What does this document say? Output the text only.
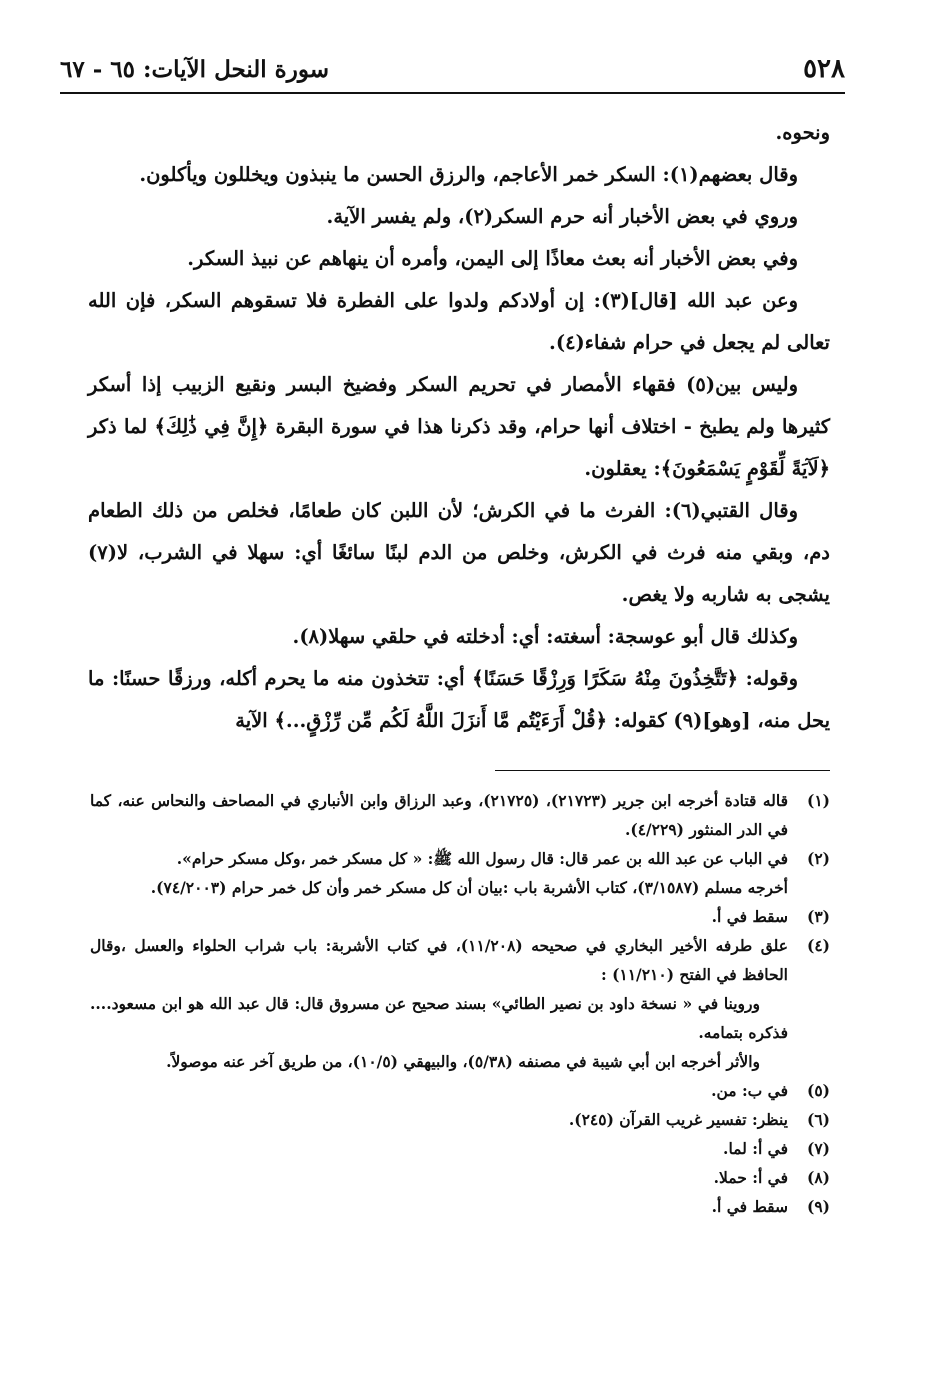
٥٢٨
سورة النحل الآيات: ٦٥ - ٦٧

ونحوه.

وقال بعضهم(١): السكر خمر الأعاجم، والرزق الحسن ما ينبذون ويخللون ويأكلون.

وروي في بعض الأخبار أنه حرم السكر(٢)، ولم يفسر الآية.

وفي بعض الأخبار أنه بعث معاذًا إلى اليمن، وأمره أن ينهاهم عن نبيذ السكر.

وعن عبد الله [قال](٣): إن أولادكم ولدوا على الفطرة فلا تسقوهم السكر، فإن الله تعالى لم يجعل في حرام شفاء(٤).

وليس بين(٥) فقهاء الأمصار في تحريم السكر وفضيخ البسر ونقيع الزبيب إذا أسكر كثيرها ولم يطبخ - اختلاف أنها حرام، وقد ذكرنا هذا في سورة البقرة ﴿إِنَّ فِي ذَٰلِكَ﴾ لما ذكر ﴿لَآيَةً لِّقَوْمٍ يَسْمَعُونَ﴾: يعقلون.

وقال القتبي(٦): الفرث ما في الكرش؛ لأن اللبن كان طعامًا، فخلص من ذلك الطعام دم، وبقي منه فرث في الكرش، وخلص من الدم لبنًا سائغًا أي: سهلا في الشرب، لا(٧) يشجى به شاربه ولا يغص.

وكذلك قال أبو عوسجة: أسغته: أي: أدخلته في حلقي سهلا(٨).

وقوله: ﴿تَتَّخِذُونَ مِنْهُ سَكَرًا وَرِزْقًا حَسَنًا﴾ أي: تتخذون منه ما يحرم أكله، ورزقًا حسنًا: ما يحل منه، [وهو](٩) كقوله: ﴿قُلْ أَرَءَيْتُم مَّا أَنزَلَ اللَّهُ لَكُم مِّن رِّزْقٍ...﴾ الآية

(١)
قاله قتادة أخرجه ابن جرير (٢١٧٢٣)، (٢١٧٢٥)، وعبد الرزاق وابن الأنباري في المصاحف والنحاس عنه، كما في الدر المنثور (٤/٢٢٩).
(٢)
في الباب عن عبد الله بن عمر قال: قال رسول الله ﷺ: « كل مسكر خمر ،وكل مسكر حرام».
أخرجه مسلم (٣/١٥٨٧)، كتاب الأشربة باب :بيان أن كل مسكر خمر وأن كل خمر حرام (٧٤/٢٠٠٣).
(٣)
سقط في أ.
(٤)
علق طرفه الأخير البخاري في صحيحه (١١/٢٠٨)، في كتاب الأشربة: باب شراب الحلواء والعسل ،وقال الحافظ في الفتح (١١/٢١٠) :
وروينا في « نسخة داود بن نصير الطائي» بسند صحيح عن مسروق قال: قال عبد الله هو ابن مسعود.... فذكره بتمامه.
والأثر أخرجه ابن أبي شيبة في مصنفه (٥/٣٨)، والبيهقي (١٠/٥)، من طريق آخر عنه موصولاً.
(٥)
في ب: من.
(٦)
ينظر: تفسير غريب القرآن (٢٤٥).
(٧)
في أ: لما.
(٨)
في أ: حملا.
(٩)
سقط في أ.
